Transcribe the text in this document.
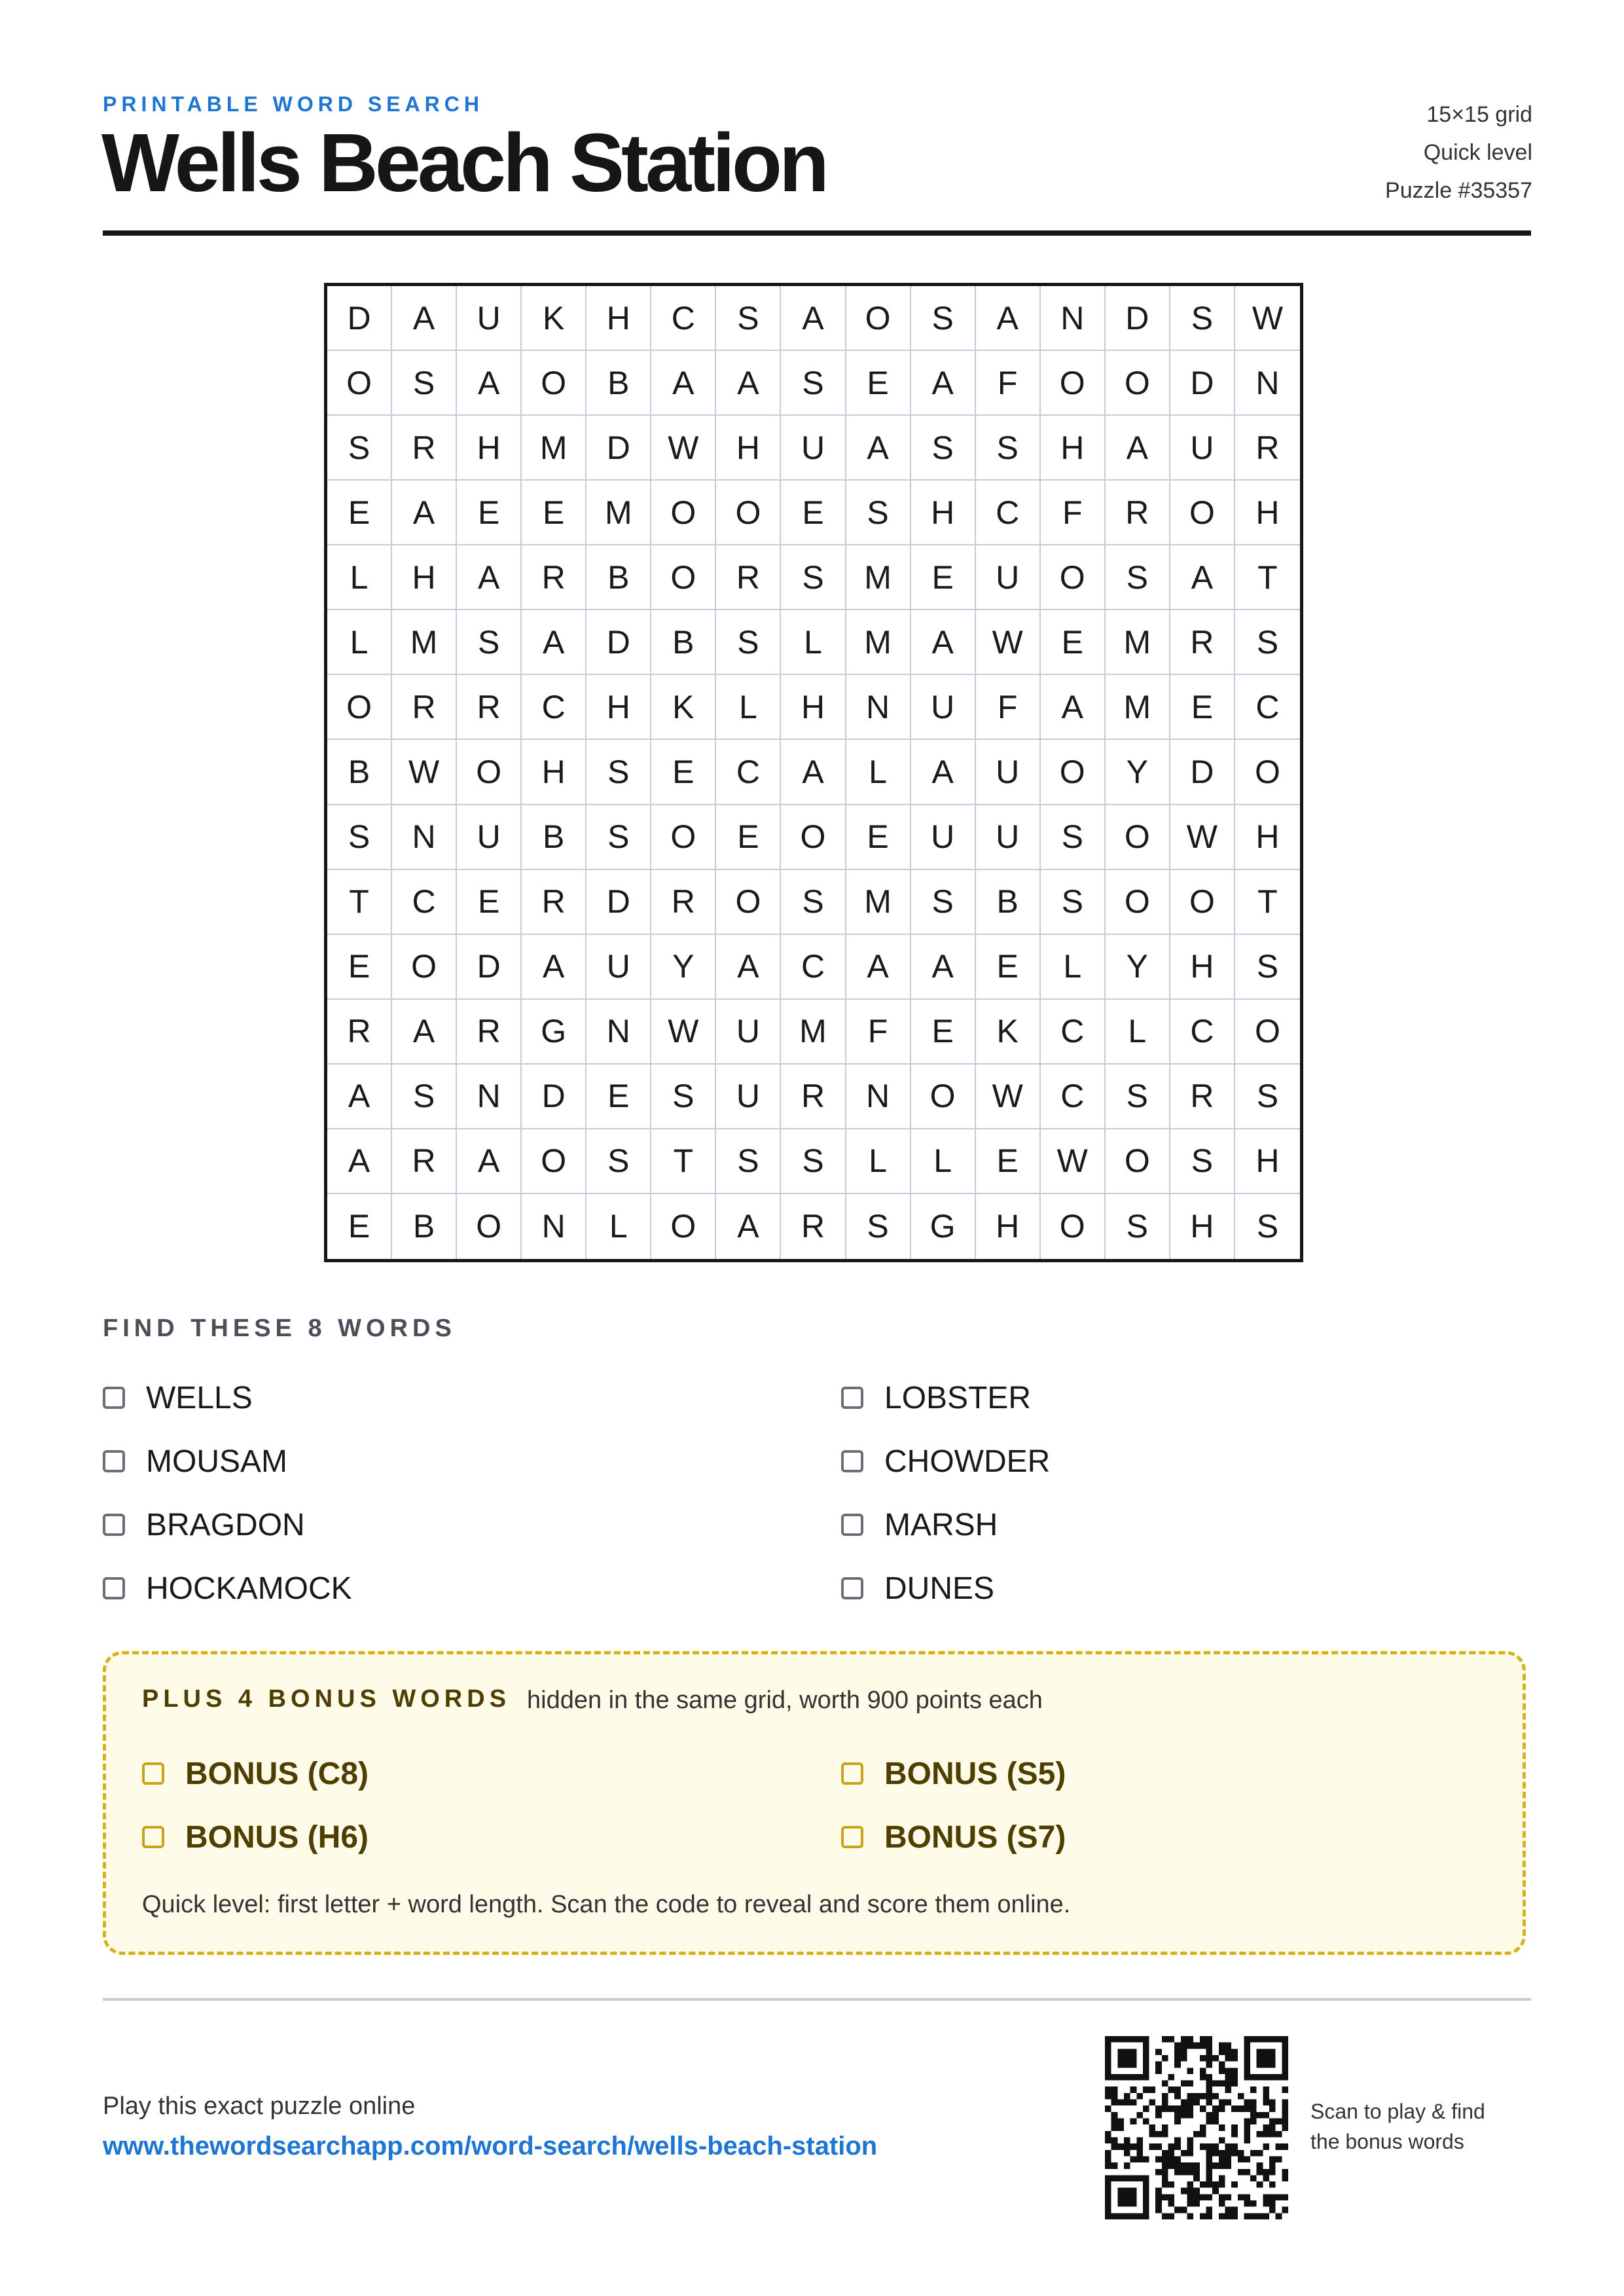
PRINTABLE WORD SEARCH
Wells Beach Station
15×15 grid
Quick level
Puzzle #35357
D	A	U	K	H	C	S	A	O	S	A	N	D	S	W
O	S	A	O	B	A	A	S	E	A	F	O	O	D	N
S	R	H	M	D	W	H	U	A	S	S	H	A	U	R
E	A	E	E	M	O	O	E	S	H	C	F	R	O	H
L	H	A	R	B	O	R	S	M	E	U	O	S	A	T
L	M	S	A	D	B	S	L	M	A	W	E	M	R	S
O	R	R	C	H	K	L	H	N	U	F	A	M	E	C
B	W	O	H	S	E	C	A	L	A	U	O	Y	D	O
S	N	U	B	S	O	E	O	E	U	U	S	O	W	H
T	C	E	R	D	R	O	S	M	S	B	S	O	O	T
E	O	D	A	U	Y	A	C	A	A	E	L	Y	H	S
R	A	R	G	N	W	U	M	F	E	K	C	L	C	O
A	S	N	D	E	S	U	R	N	O	W	C	S	R	S
A	R	A	O	S	T	S	S	L	L	E	W	O	S	H
E	B	O	N	L	O	A	R	S	G	H	O	S	H	S
FIND THESE 8 WORDS
WELLS	LOBSTER
MOUSAM	CHOWDER
BRAGDON	MARSH
HOCKAMOCK	DUNES
PLUS 4 BONUS WORDS hidden in the same grid, worth 900 points each
BONUS (C8)	BONUS (S5)
BONUS (H6)	BONUS (S7)
Quick level: first letter + word length. Scan the code to reveal and score them online.
Play this exact puzzle online
www.thewordsearchapp.com/word-search/wells-beach-station
Scan to play & find
the bonus words
